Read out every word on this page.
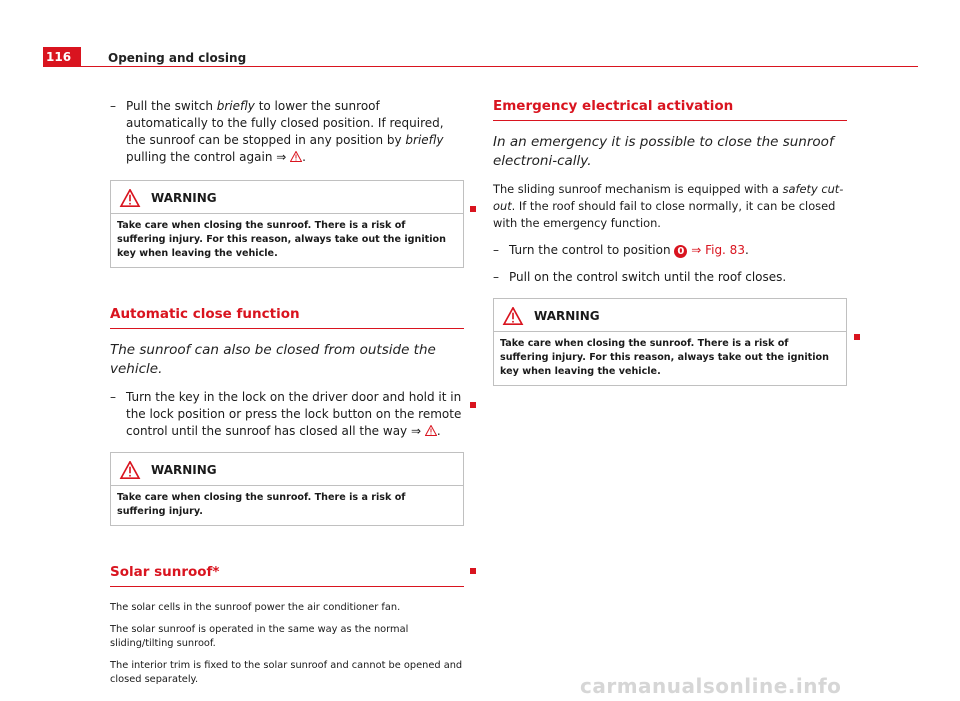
116	Opening and closing
– Pull the switch briefly to lower the sunroof automatically to the fully closed position. If required, the sunroof can be stopped in any position by briefly pulling the control again ⇒ .
WARNING
Take care when closing the sunroof. There is a risk of suffering injury. For this reason, always take out the ignition key when leaving the vehicle.
Automatic close function
The sunroof can also be closed from outside the vehicle.
– Turn the key in the lock on the driver door and hold it in the lock position or press the lock button on the remote control until the sunroof has closed all the way ⇒ .
WARNING
Take care when closing the sunroof. There is a risk of suffering injury.
Solar sunroof*

The solar cells in the sunroof power the air conditioner fan.

The solar sunroof is operated in the same way as the normal sliding/tilting sunroof.

The interior trim is fixed to the solar sunroof and cannot be opened and closed separately.

Emergency electrical activation
In an emergency it is possible to close the sunroof electroni-cally.

The sliding sunroof mechanism is equipped with a safety cut-out. If the roof should fail to close normally, it can be closed with the emergency function.

– Turn the control to position 0 ⇒ Fig. 83.
– Pull on the control switch until the roof closes.
WARNING
Take care when closing the sunroof. There is a risk of suffering injury. For this reason, always take out the ignition key when leaving the vehicle.
carmanualsonline.info
